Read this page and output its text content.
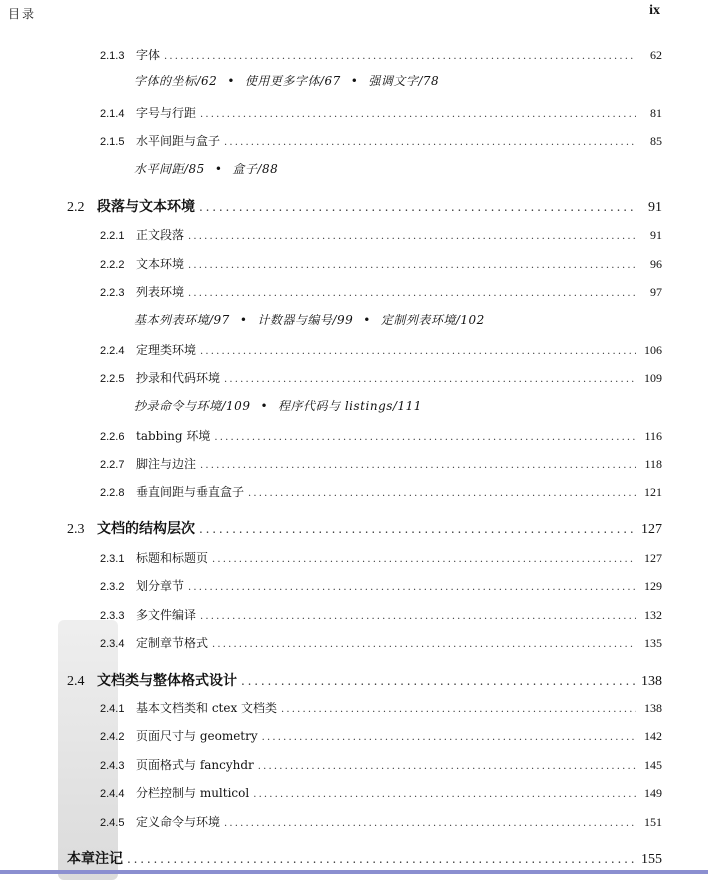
目录	ix
2.1.3 字体 . . .	62
字体的坐标/62 • 使用更多字体/67 • 强调文字/78
2.1.4 字号与行距 . . .	81
2.1.5 水平间距与盒子 . . .	85
水平间距/85 • 盒子/88
2.2 段落与文本环境 . . .	91
2.2.1 正文段落 . . .	91
2.2.2 文本环境 . . .	96
2.2.3 列表环境 . . .	97
基本列表环境/97 • 计数器与编号/99 • 定制列表环境/102
2.2.4 定理类环境 . . .	106
2.2.5 抄录和代码环境 . . .	109
抄录命令与环境/109 • 程序代码与 listings/111
2.2.6 tabbing 环境 . . .	116
2.2.7 脚注与边注 . . .	118
2.2.8 垂直间距与垂直盒子 . . .	121
2.3 文档的结构层次 . . .	127
2.3.1 标题和标题页 . . .	127
2.3.2 划分章节 . . .	129
2.3.3 多文件编译 . . .	132
2.3.4 定制章节格式 . . .	135
2.4 文档类与整体格式设计 . . .	138
2.4.1 基本文档类和 ctex 文档类 . . .	138
2.4.2 页面尺寸与 geometry . . .	142
2.4.3 页面格式与 fancyhdr . . .	145
2.4.4 分栏控制与 multicol . . .	149
2.4.5 定义命令与环境 . . .	151
本章注记 . . .	155
